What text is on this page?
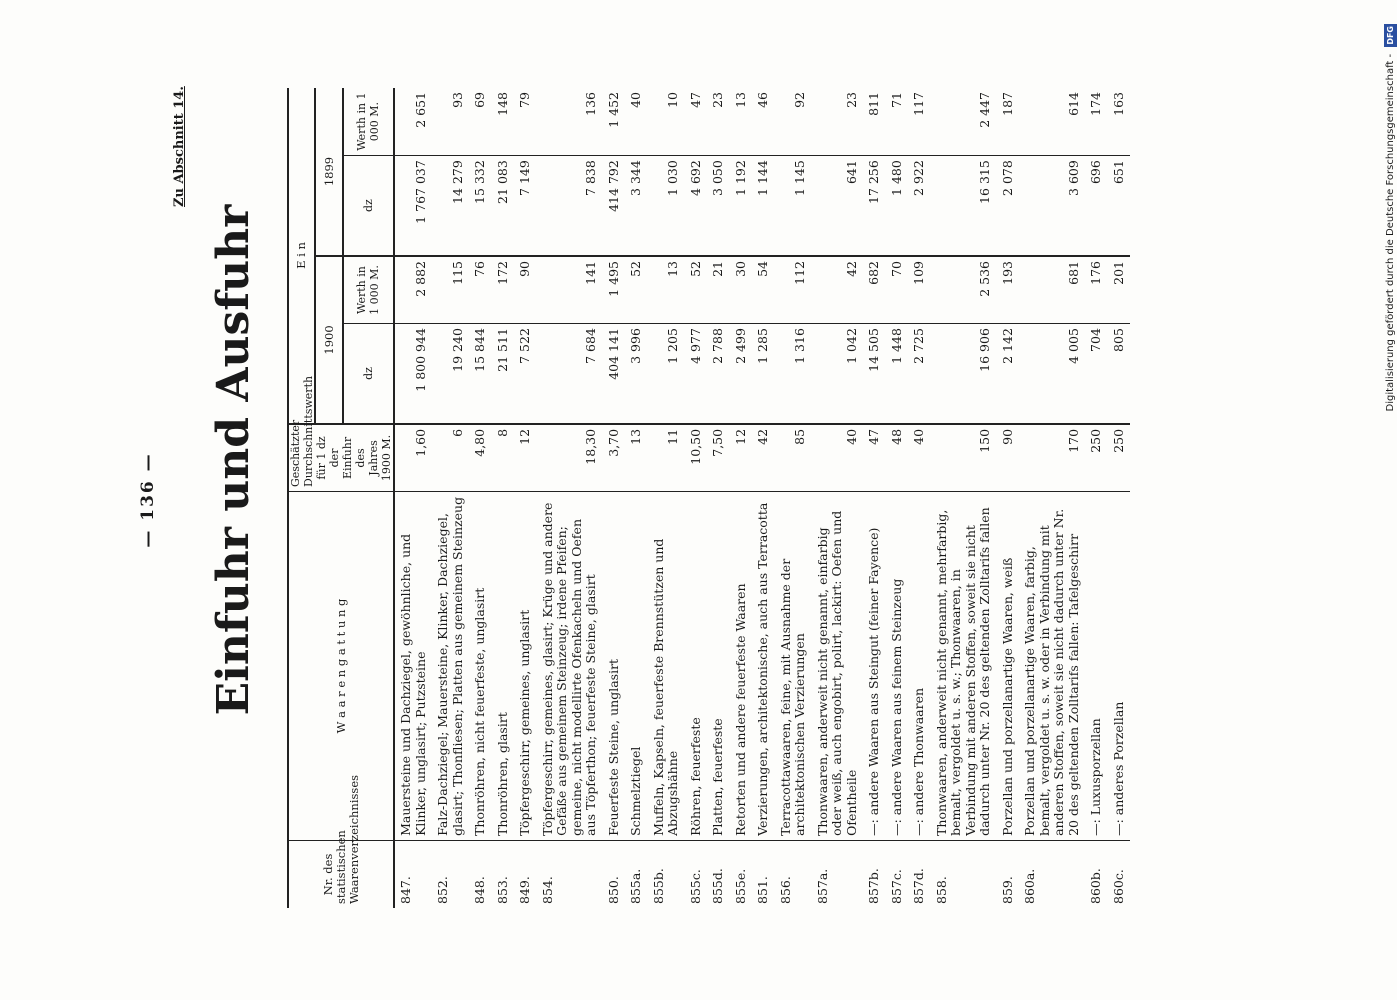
— 136 —
Zu Abschnitt 14.
Einfuhr und Ausfuhr
Nr. des statistischen Waarenverzeichnisses	W a a r e n g a t t u n g	Geschätzter Durchschnittswerth für 1 dz der Einfuhr des Jahres 1900 M.	E i n			
			1900		1899	
			dz	Werth in 1 000 M.	dz	Werth in 1 000 M.
847.	Mauersteine und Dachziegel, gewöhnliche, und Klinker, unglasirt; Putzsteine	1,60	1 800 944	2 882	1 767 037	2 651
852.	Falz-Dachziegel; Mauersteine, Klinker, Dachziegel, glasirt; Thonfliesen; Platten aus gemeinem Steinzeug	6	19 240	115	14 279	93
848.	Thonröhren, nicht feuerfeste, unglasirt	4,80	15 844	76	15 332	69
853.	Thonröhren, glasirt	8	21 511	172	21 083	148
849.	Töpfergeschirr, gemeines, unglasirt	12	7 522	90	7 149	79
854.	Töpfergeschirr, gemeines, glasirt; Krüge und andere Gefäße aus gemeinem Steinzeug; irdene Pfeifen; gemeine, nicht modellirte Ofenkacheln und Oefen aus Töpferthon; feuerfeste Steine, glasirt	18,30	7 684	141	7 838	136
850.	Feuerfeste Steine, unglasirt	3,70	404 141	1 495	414 792	1 452
855a.	Schmelztiegel	13	3 996	52	3 344	40
855b.	Muffeln, Kapseln, feuerfeste Brennstützen und Abzugshähne	11	1 205	13	1 030	10
855c.	Röhren, feuerfeste	10,50	4 977	52	4 692	47
855d.	Platten, feuerfeste	7,50	2 788	21	3 050	23
855e.	Retorten und andere feuerfeste Waaren	12	2 499	30	1 192	13
851.	Verzierungen, architektonische, auch aus Terracotta	42	1 285	54	1 144	46
856.	Terracottawaaren, feine, mit Ausnahme der architektonischen Verzierungen	85	1 316	112	1 145	92
857a.	Thonwaaren, anderweit nicht genannt, einfarbig oder weiß, auch engobirt, polirt, lackirt: Oefen und Ofentheile	40	1 042	42	641	23
857b.	—: andere Waaren aus Steingut (feiner Fayence)	47	14 505	682	17 256	811
857c.	—: andere Waaren aus feinem Steinzeug	48	1 448	70	1 480	71
857d.	—: andere Thonwaaren	40	2 725	109	2 922	117
858.	Thonwaaren, anderweit nicht genannt, mehrfarbig, bemalt, vergoldet u. s. w.; Thonwaaren, in Verbindung mit anderen Stoffen, soweit sie nicht dadurch unter Nr. 20 des geltenden Zolltarifs fallen	150	16 906	2 536	16 315	2 447
859.	Porzellan und porzellanartige Waaren, weiß	90	2 142	193	2 078	187
860a.	Porzellan und porzellanartige Waaren, farbig, bemalt, vergoldet u. s. w. oder in Verbindung mit anderen Stoffen, soweit sie nicht dadurch unter Nr. 20 des geltenden Zolltarifs fallen: Tafelgeschirr	170	4 005	681	3 609	614
860b.	—: Luxusporzellan	250	704	176	696	174
860c.	—: anderes Porzellan	250	805	201	651	163	Digitalisierung gefördert durch die Deutsche Forschungsgemeinschaft - DFG
